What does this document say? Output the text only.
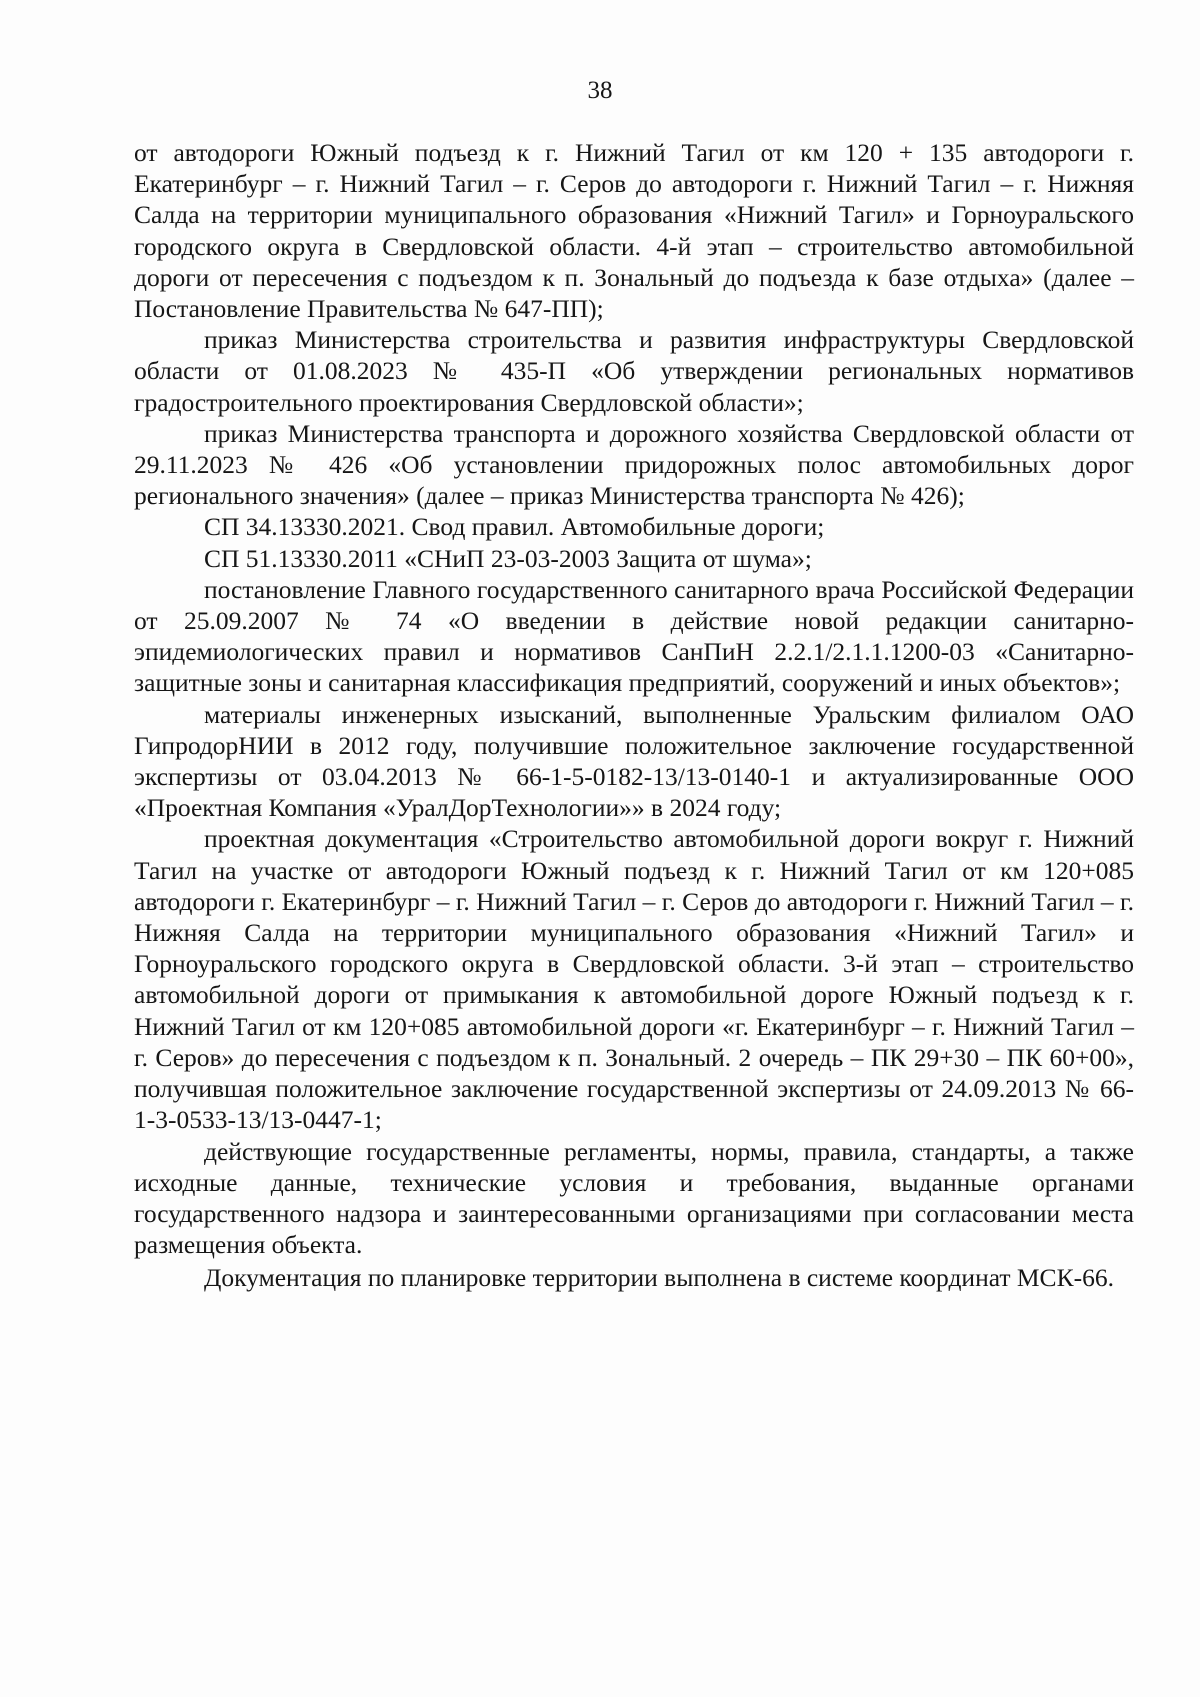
38

от автодороги Южный подъезд к г. Нижний Тагил от км 120 + 135 автодороги г. Екатеринбург – г. Нижний Тагил – г. Серов до автодороги г. Нижний Тагил – г. Нижняя Салда на территории муниципального образования «Нижний Тагил» и Горноуральского городского округа в Свердловской области. 4-й этап – строительство автомобильной дороги от пересечения с подъездом к п. Зональный до подъезда к базе отдыха» (далее – Постановление Правительства № 647-ПП);

приказ Министерства строительства и развития инфраструктуры Свердловской области от 01.08.2023 № 435-П «Об утверждении региональных нормативов градостроительного проектирования Свердловской области»;

приказ Министерства транспорта и дорожного хозяйства Свердловской области от 29.11.2023 № 426 «Об установлении придорожных полос автомобильных дорог регионального значения» (далее – приказ Министерства транспорта № 426);

СП 34.13330.2021. Свод правил. Автомобильные дороги;

СП 51.13330.2011 «СНиП 23-03-2003 Защита от шума»;

постановление Главного государственного санитарного врача Российской Федерации от 25.09.2007 № 74 «О введении в действие новой редакции санитарно-эпидемиологических правил и нормативов СанПиН 2.2.1/2.1.1.1200-03 «Санитарно-защитные зоны и санитарная классификация предприятий, сооружений и иных объектов»;

материалы инженерных изысканий, выполненные Уральским филиалом ОАО ГипродорНИИ в 2012 году, получившие положительное заключение государственной экспертизы от 03.04.2013 № 66-1-5-0182-13/13-0140-1 и актуализированные ООО «Проектная Компания «УралДорТехнологии»» в 2024 году;

проектная документация «Строительство автомобильной дороги вокруг г. Нижний Тагил на участке от автодороги Южный подъезд к г. Нижний Тагил от км 120+085 автодороги г. Екатеринбург – г. Нижний Тагил – г. Серов до автодороги г. Нижний Тагил – г. Нижняя Салда на территории муниципального образования «Нижний Тагил» и Горноуральского городского округа в Свердловской области. 3-й этап – строительство автомобильной дороги от примыкания к автомобильной дороге Южный подъезд к г. Нижний Тагил от км 120+085 автомобильной дороги «г. Екатеринбург – г. Нижний Тагил – г. Серов» до пересечения с подъездом к п. Зональный. 2 очередь – ПК 29+30 – ПК 60+00», получившая положительное заключение государственной экспертизы от 24.09.2013 № 66-1-3-0533-13/13-0447-1;

действующие государственные регламенты, нормы, правила, стандарты, а также исходные данные, технические условия и требования, выданные органами государственного надзора и заинтересованными организациями при согласовании места размещения объекта.

Документация по планировке территории выполнена в системе координат МСК-66.
